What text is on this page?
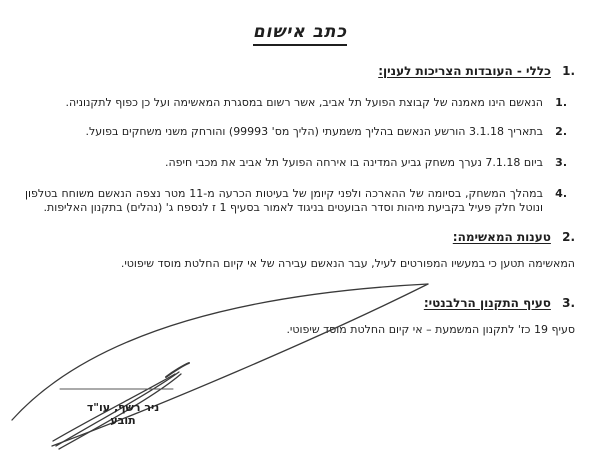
כתב אישום
.1 כללי - העובדות הצריכות לענין:
.1
הנאשם הינו מאמנה של קבוצת הפועל תל אביב, אשר רשום במסגרת המאשימה ועל כן כפוף לתקנוניה.
.2
בתאריך 3.1.18 הורשע הנאשם בהליך משמעתי (הליך מס' 99993) והורחק משני משחקים בפועל.
.3
ביום 7.1.18 נערך משחק גביע המדינה בו אירחה הפועל תל אביב את מכבי חיפה.
.4
במהלך המשחק, בסיומה של ההארכה ולפני קיומן של בעיטות הכרעה מ-11 מטר נצפה הנאשם משוחח בטלפון ונוטל חלק פעיל בקביעת מיהות וסדר הבועטים בניגוד לאמור בסעיף 1 ז לנספח ג' (נהלים) בתקנון האליפות.
.2 טענות המאשימה:
המאשימה תטען כי במעשיו המפורטים לעיל, עבר הנאשם עבירה של אי קיום החלטת מוסד שיפוטי.
.3 סעיף התקנון הרלבנטי:
סעיף 19 כז' לתקנון המשמעת – אי קיום החלטת מוסד שיפוטי.
ניר רשף, עו"ד
תובע
